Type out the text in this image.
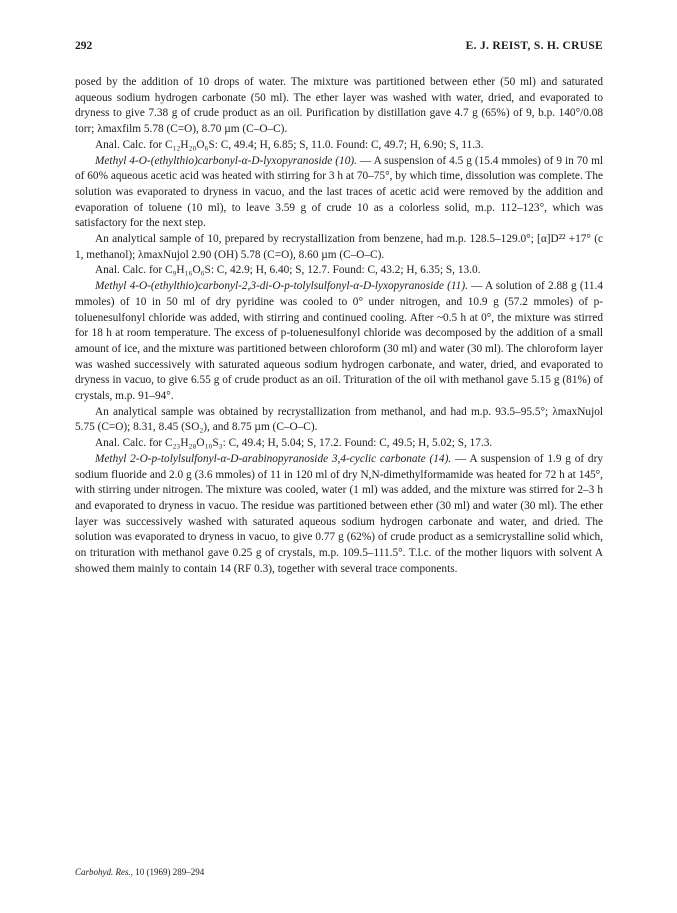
292	E. J. REIST, S. H. CRUSE

posed by the addition of 10 drops of water. The mixture was partitioned between ether (50 ml) and saturated aqueous sodium hydrogen carbonate (50 ml). The ether layer was washed with water, dried, and evaporated to dryness to give 7.38 g of crude product as an oil. Purification by distillation gave 4.7 g (65%) of 9, b.p. 140°/0.08 torr; λmaxfilm 5.78 (C=O), 8.70 µm (C–O–C).

Anal. Calc. for C₁₂H₂₀O₆S: C, 49.4; H, 6.85; S, 11.0. Found: C, 49.7; H, 6.90; S, 11.3.

Methyl 4-O-(ethylthio)carbonyl-α-D-lyxopyranoside (10). — A suspension of 4.5 g (15.4 mmoles) of 9 in 70 ml of 60% aqueous acetic acid was heated with stirring for 3 h at 70–75°, by which time, dissolution was complete. The solution was evaporated to dryness in vacuo, and the last traces of acetic acid were removed by the addition and evaporation of toluene (10 ml), to leave 3.59 g of crude 10 as a colorless solid, m.p. 112–123°, which was satisfactory for the next step.

An analytical sample of 10, prepared by recrystallization from benzene, had m.p. 128.5–129.0°; [α]D²² +17° (c 1, methanol); λmaxNujol 2.90 (OH) 5.78 (C=O), 8.60 µm (C–O–C).

Anal. Calc. for C₉H₁₆O₆S: C, 42.9; H, 6.40; S, 12.7. Found: C, 43.2; H, 6.35; S, 13.0.

Methyl 4-O-(ethylthio)carbonyl-2,3-di-O-p-tolylsulfonyl-α-D-lyxopyranoside (11). — A solution of 2.88 g (11.4 mmoles) of 10 in 50 ml of dry pyridine was cooled to 0° under nitrogen, and 10.9 g (57.2 mmoles) of p-toluenesulfonyl chloride was added, with stirring and continued cooling. After ~0.5 h at 0°, the mixture was stirred for 18 h at room temperature. The excess of p-toluenesulfonyl chloride was decomposed by the addition of a small amount of ice, and the mixture was partitioned between chloroform (30 ml) and water (30 ml). The chloroform layer was washed successively with saturated aqueous sodium hydrogen carbonate, and water, dried, and evaporated to dryness in vacuo, to give 6.55 g of crude product as an oil. Trituration of the oil with methanol gave 5.15 g (81%) of crystals, m.p. 91–94°.

An analytical sample was obtained by recrystallization from methanol, and had m.p. 93.5–95.5°; λmaxNujol 5.75 (C=O); 8.31, 8.45 (SO₂), and 8.75 µm (C–O–C).

Anal. Calc. for C₂₃H₂₈O₁₀S₃: C, 49.4; H, 5.04; S, 17.2. Found: C, 49.5; H, 5.02; S, 17.3.

Methyl 2-O-p-tolylsulfonyl-α-D-arabinopyranoside 3,4-cyclic carbonate (14). — A suspension of 1.9 g of dry sodium fluoride and 2.0 g (3.6 mmoles) of 11 in 120 ml of dry N,N-dimethylformamide was heated for 72 h at 145°, with stirring under nitrogen. The mixture was cooled, water (1 ml) was added, and the mixture was stirred for 2–3 h and evaporated to dryness in vacuo. The residue was partitioned between ether (30 ml) and water (30 ml). The ether layer was successively washed with saturated aqueous sodium hydrogen carbonate and water, and dried. The solution was evaporated to dryness in vacuo, to give 0.77 g (62%) of crude product as a semicrystalline solid which, on trituration with methanol gave 0.25 g of crystals, m.p. 109.5–111.5°. T.l.c. of the mother liquors with solvent A showed them mainly to contain 14 (RF 0.3), together with several trace components.

Carbohyd. Res., 10 (1969) 289–294
